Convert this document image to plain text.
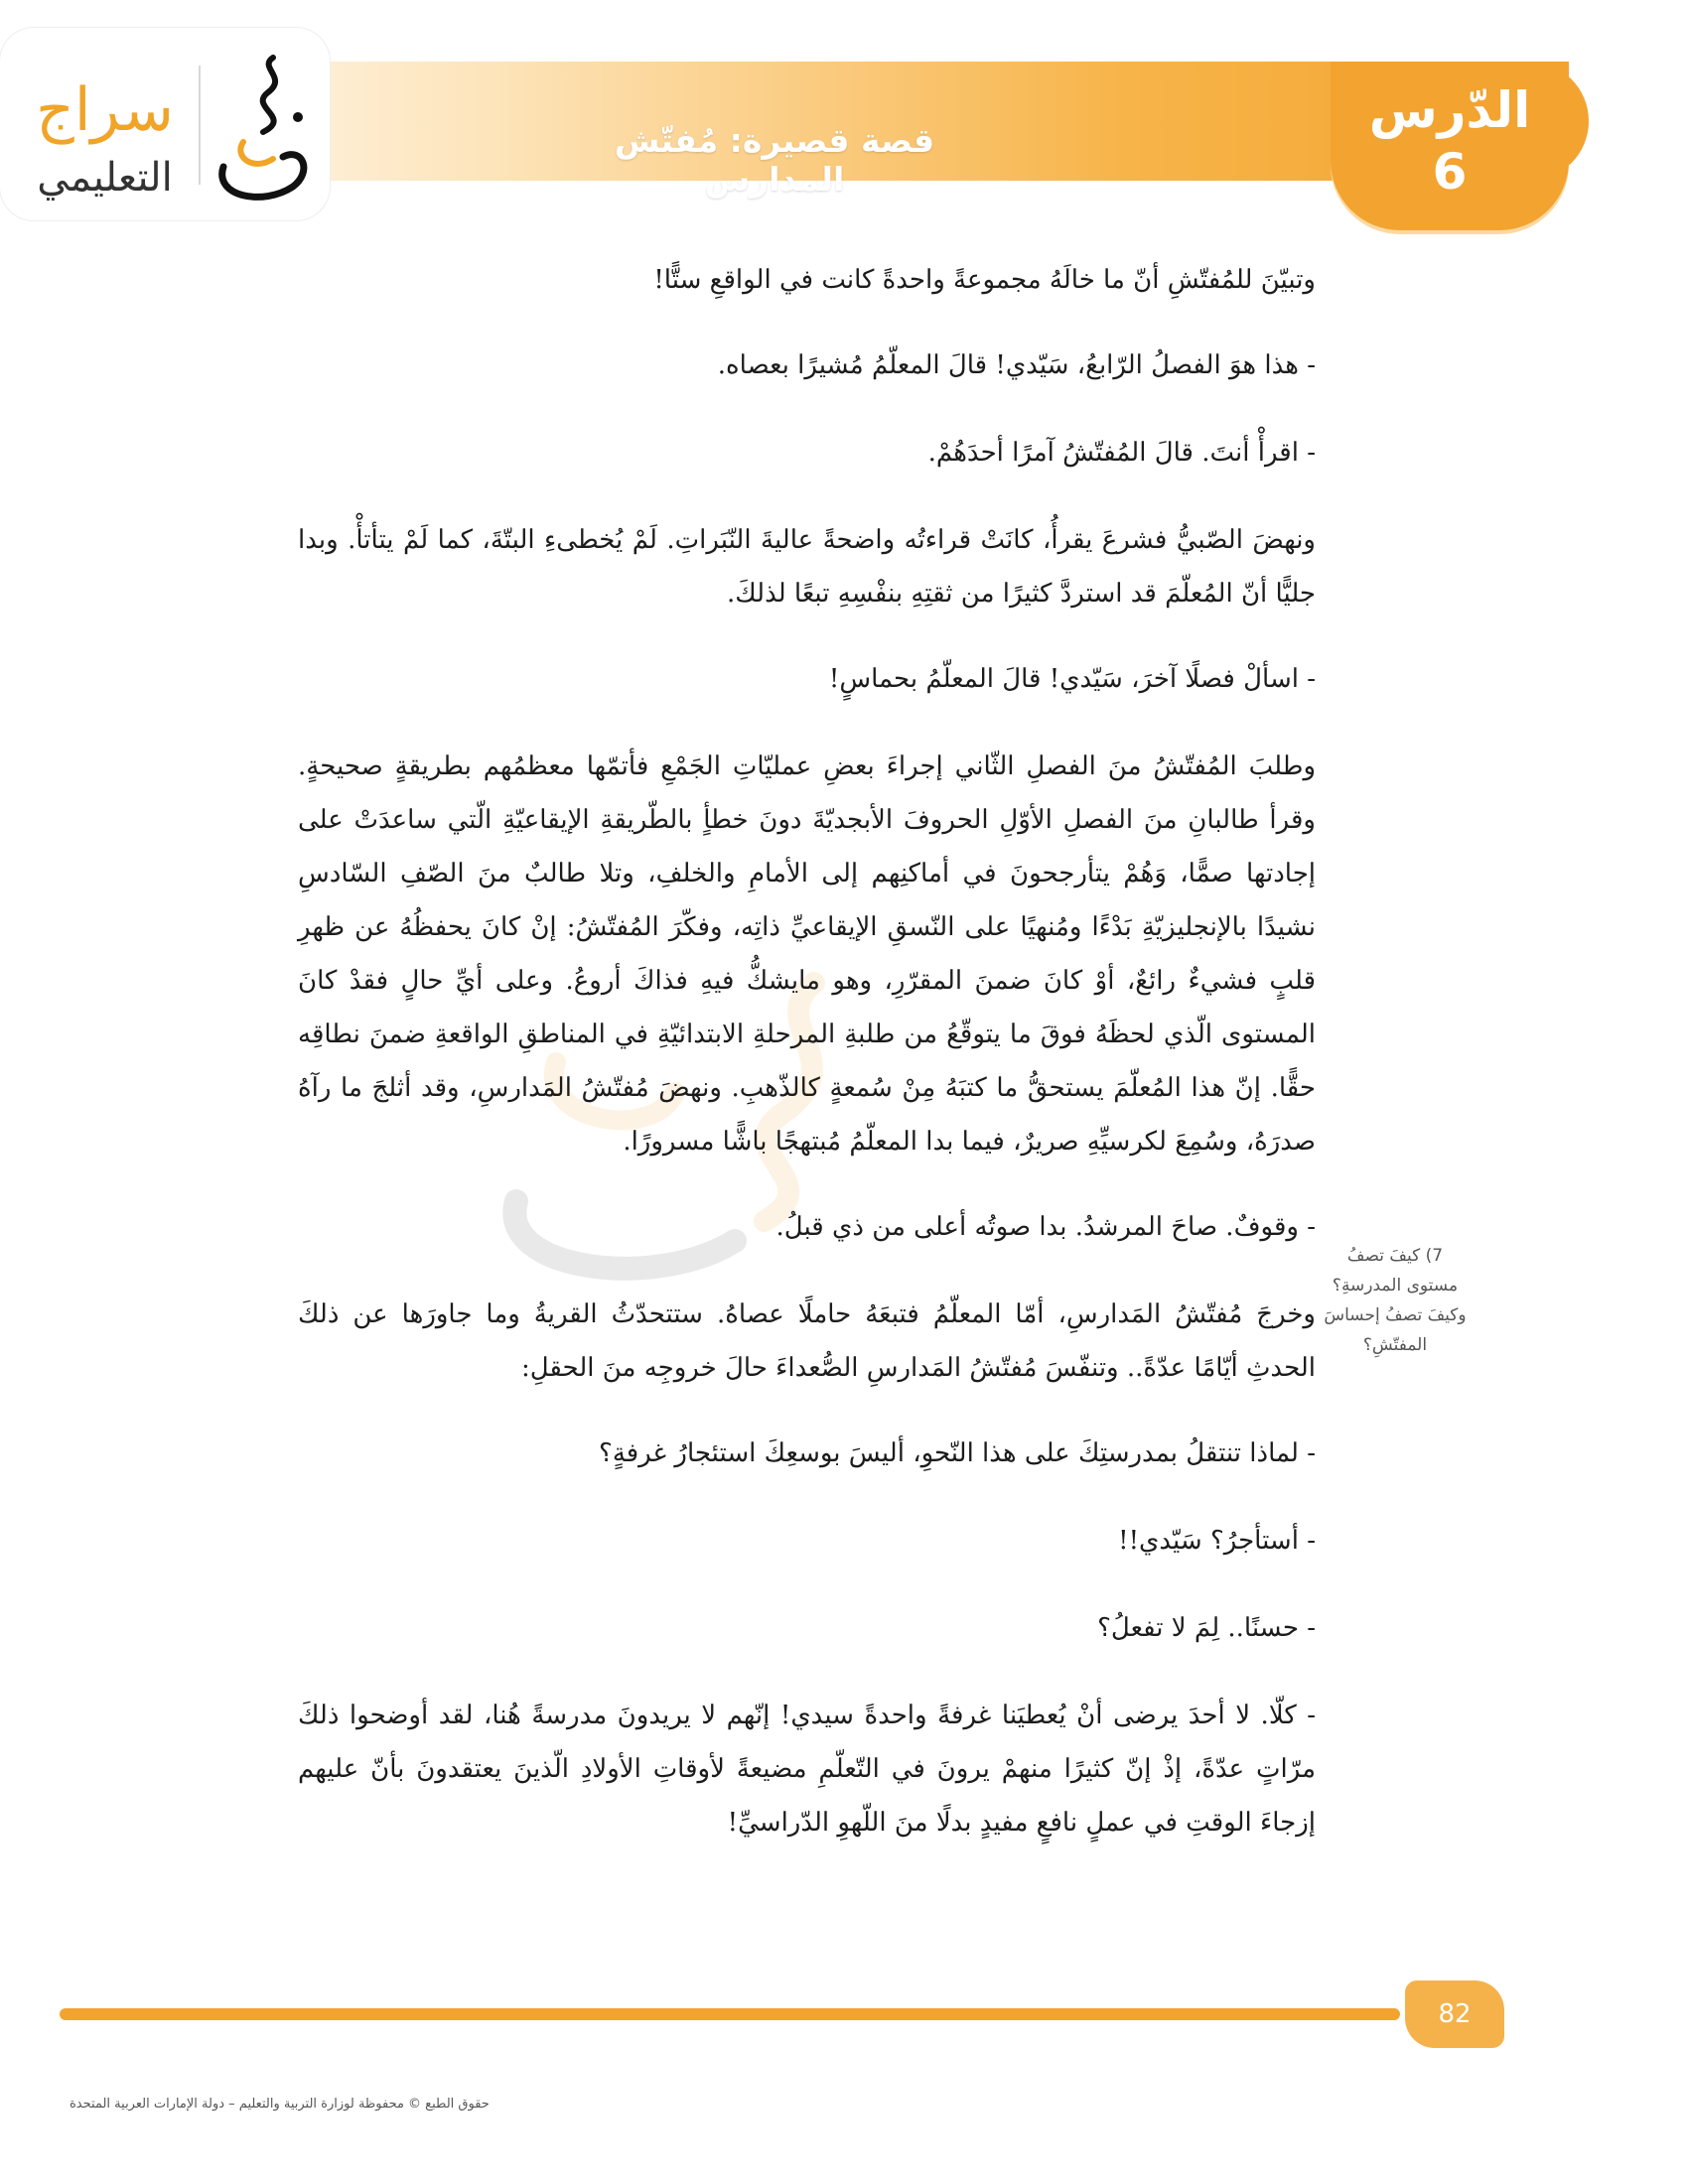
قصة قصيرة: مُفتّش المدارس
الدّرس
6
سراج
التعليمي

وتبيّنَ للمُفتّشِ أنّ ما خالَهُ مجموعةً واحدةً كانت في الواقعِ ستًّا!

- هذا هوَ الفصلُ الرّابعُ، سَيّدي! قالَ المعلّمُ مُشيرًا بعصاه.

- اقرأْ أنتَ. قالَ المُفتّشُ آمرًا أحدَهُمْ.

ونهضَ الصّبيُّ فشرعَ يقرأُ، كانَتْ قراءتُه واضحةً عاليةَ النّبَراتِ. لَمْ يُخطىءِ البتّةَ، كما لَمْ يتأتأْ. وبدا جليًّا أنّ المُعلّمَ قد استردَّ كثيرًا من ثقتِهِ بنفْسِهِ تبعًا لذلكَ.

- اسألْ فصلًا آخرَ، سَيّدي! قالَ المعلّمُ بحماسٍ!

وطلبَ المُفتّشُ منَ الفصلِ الثّاني إجراءَ بعضِ عمليّاتِ الجَمْعِ فأتمّها معظمُهم بطريقةٍ صحيحةٍ. وقرأ طالبانِ منَ الفصلِ الأوّلِ الحروفَ الأبجديّةَ دونَ خطأٍ بالطّريقةِ الإيقاعيّةِ الّتي ساعدَتْ على إجادتها صمًّا، وَهُمْ يتأرجحونَ في أماكنِهم إلى الأمامِ والخلفِ، وتلا طالبٌ منَ الصّفِ السّادسِ نشيدًا بالإنجليزيّةِ بَدْءًا ومُنهيًا على النّسقِ الإيقاعيِّ ذاتِه، وفكّرَ المُفتّشُ: إنْ كانَ يحفظُهُ عن ظهرِ قلبٍ فشيءٌ رائعٌ، أوْ كانَ ضمنَ المقرّرِ، وهو مايشكُّ فيهِ فذاكَ أروعُ. وعلى أيِّ حالٍ فقدْ كانَ المستوى الّذي لحظَهُ فوقَ ما يتوقّعُ من طلبةِ المرحلةِ الابتدائيّةِ في المناطقِ الواقعةِ ضمنَ نطاقِه حقًّا. إنّ هذا المُعلّمَ يستحقُّ ما كتبَهُ مِنْ سُمعةٍ كالذّهبِ. ونهضَ مُفتّشُ المَدارسِ، وقد أثلجَ ما رآهُ صدرَهُ، وسُمِعَ لكرسيِّهِ صريرٌ، فيما بدا المعلّمُ مُبتهجًا باشًّا مسرورًا.

- وقوفٌ. صاحَ المرشدُ. بدا صوتُه أعلى من ذي قبلُ.

وخرجَ مُفتّشُ المَدارسِ، أمّا المعلّمُ فتبعَهُ حاملًا عصاهُ. ستتحدّثُ القريةُ وما جاورَها عن ذلكَ الحدثِ أيّامًا عدّةً.. وتنفّسَ مُفتّشُ المَدارسِ الصُّعداءَ حالَ خروجِه منَ الحقلِ:

- لماذا تنتقلُ بمدرستِكَ على هذا النّحوِ، أليسَ بوسعِكَ استئجارُ غرفةٍ؟

- أستأجرُ؟ سَيّدي!!

- حسنًا.. لِمَ لا تفعلُ؟

- كلّا. لا أحدَ يرضى أنْ يُعطيَنا غرفةً واحدةً سيدي! إنّهم لا يريدونَ مدرسةً هُنا، لقد أوضحوا ذلكَ مرّاتٍ عدّةً، إذْ إنّ كثيرًا منهمْ يرونَ في التّعلّمِ مضيعةً لأوقاتِ الأولادِ الّذينَ يعتقدونَ بأنّ عليهم إزجاءَ الوقتِ في عملٍ نافعٍ مفيدٍ بدلًا منَ اللّهوِ الدّراسيِّ!

7) كيفَ تصفُ مستوى المدرسةِ؟ وكيفَ تصفُ إحساسَ المفتّشِ؟
82
حقوق الطبع © محفوظة لوزارة التربية والتعليم – دولة الإمارات العربية المتحدة
